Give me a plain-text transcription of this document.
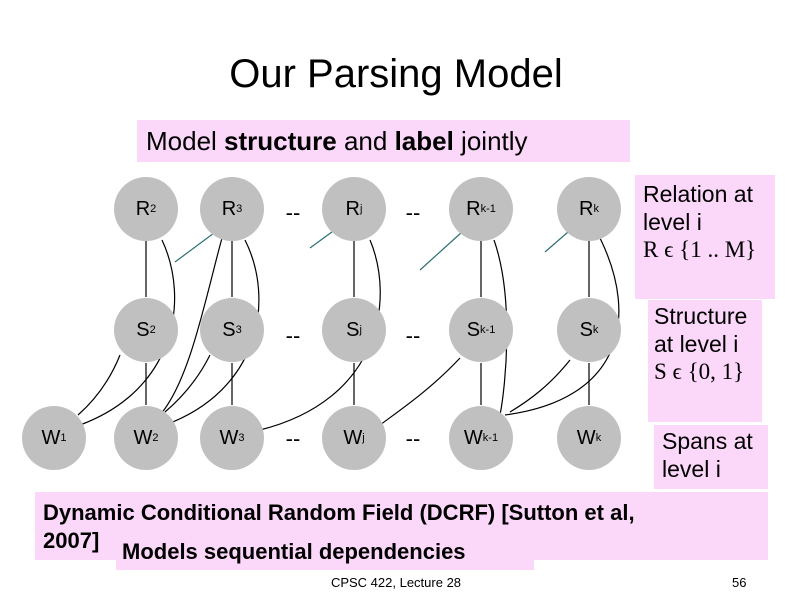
Our Parsing Model
Model structure and label jointly
R 2	R 3	R j	R k-1	R k
S 2	S 3	S j	S k-1	S k
W 1	W 2	W 3	W j	W k-1	W k
--	--
--	--
--	--
Relation at
level i
R ϵ {1 .. M}
Structure
at level i
S ϵ {0, 1}
Spans at
level i
Dynamic Conditional Random Field (DCRF) [Sutton et al,
2007] Models sequential dependencies
CPSC 422, Lecture 28	56
